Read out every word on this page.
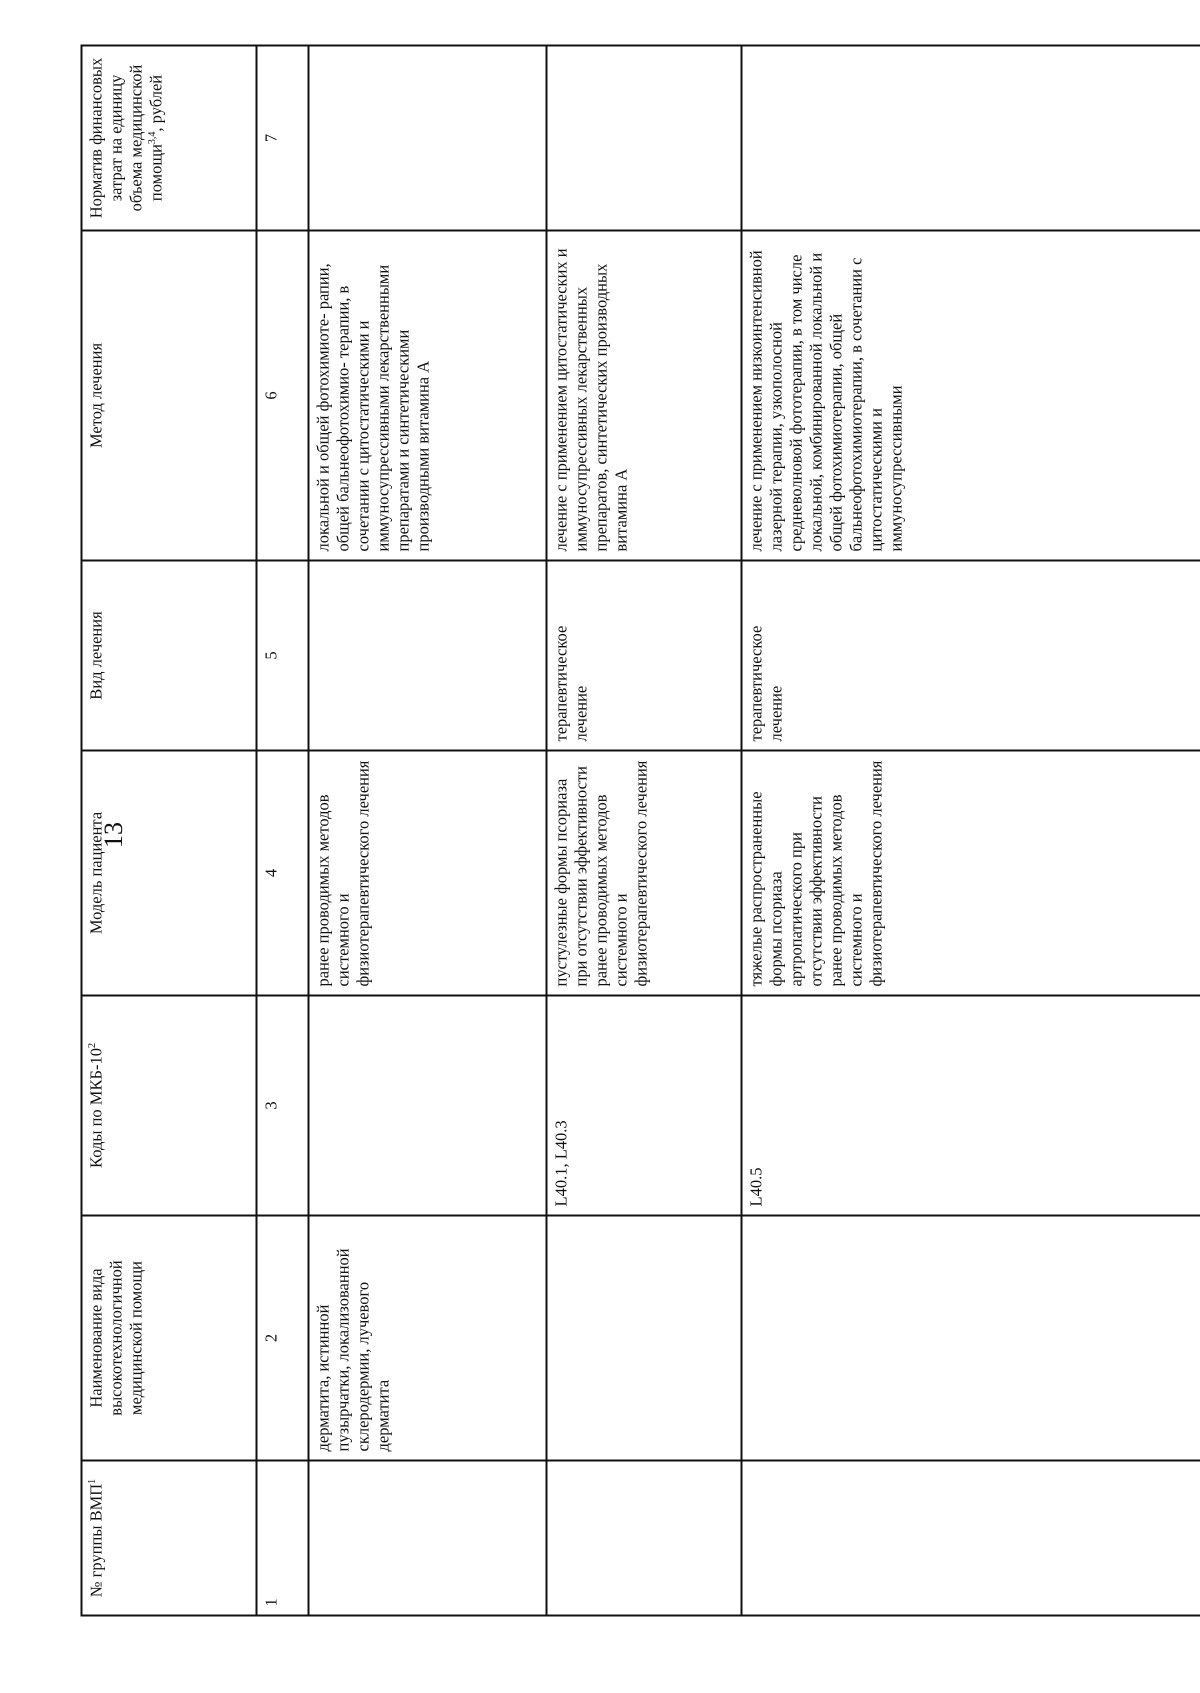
13
№ группы ВМП$^1$	Наименование вида высокотехнологичной медицинской помощи	Коды по МКБ-$10^2$	Модель пациента	Вид лечения	Метод лечения	Норматив финансовых затрат на единицу объема медицинской помощи$^{3,4}$, рублей
1	2	3	4	5	6	7
	дерматита, истинной пузырчатки, локализованной склеродермии, лучевого дерматита		ранее проводимых методов системного и физиотерапевтического лечения		локальной и общей фотохимиоте- рапии, общей бальнеофотохимио- терапии, в сочетании с цитостатическими и иммуносупрессивными лекарственными препаратами и синтетическими производными витамина А	
		L40.1, L40.3	пустулезные формы псориаза при отсутствии эффективности ранее проводимых методов системного и физиотерапевтического лечения	терапевтическое лечение	лечение с применением цитостатических и иммуносупрессивных лекарственных препаратов, синтетических производных витамина А	
		L40.5	тяжелые распространенные формы псориаза артропатического при отсутствии эффективности ранее проводимых методов системного и физиотерапевтического лечения	терапевтическое лечение	лечение с применением низкоинтенсивной лазерной терапии, узкополосной средневолновой фототерапии, в том числе локальной, комбинированной локальной и общей фотохимиотерапии, общей бальнеофотохимиотерапии, в сочетании с цитостатическими и иммуносупрессивными	
